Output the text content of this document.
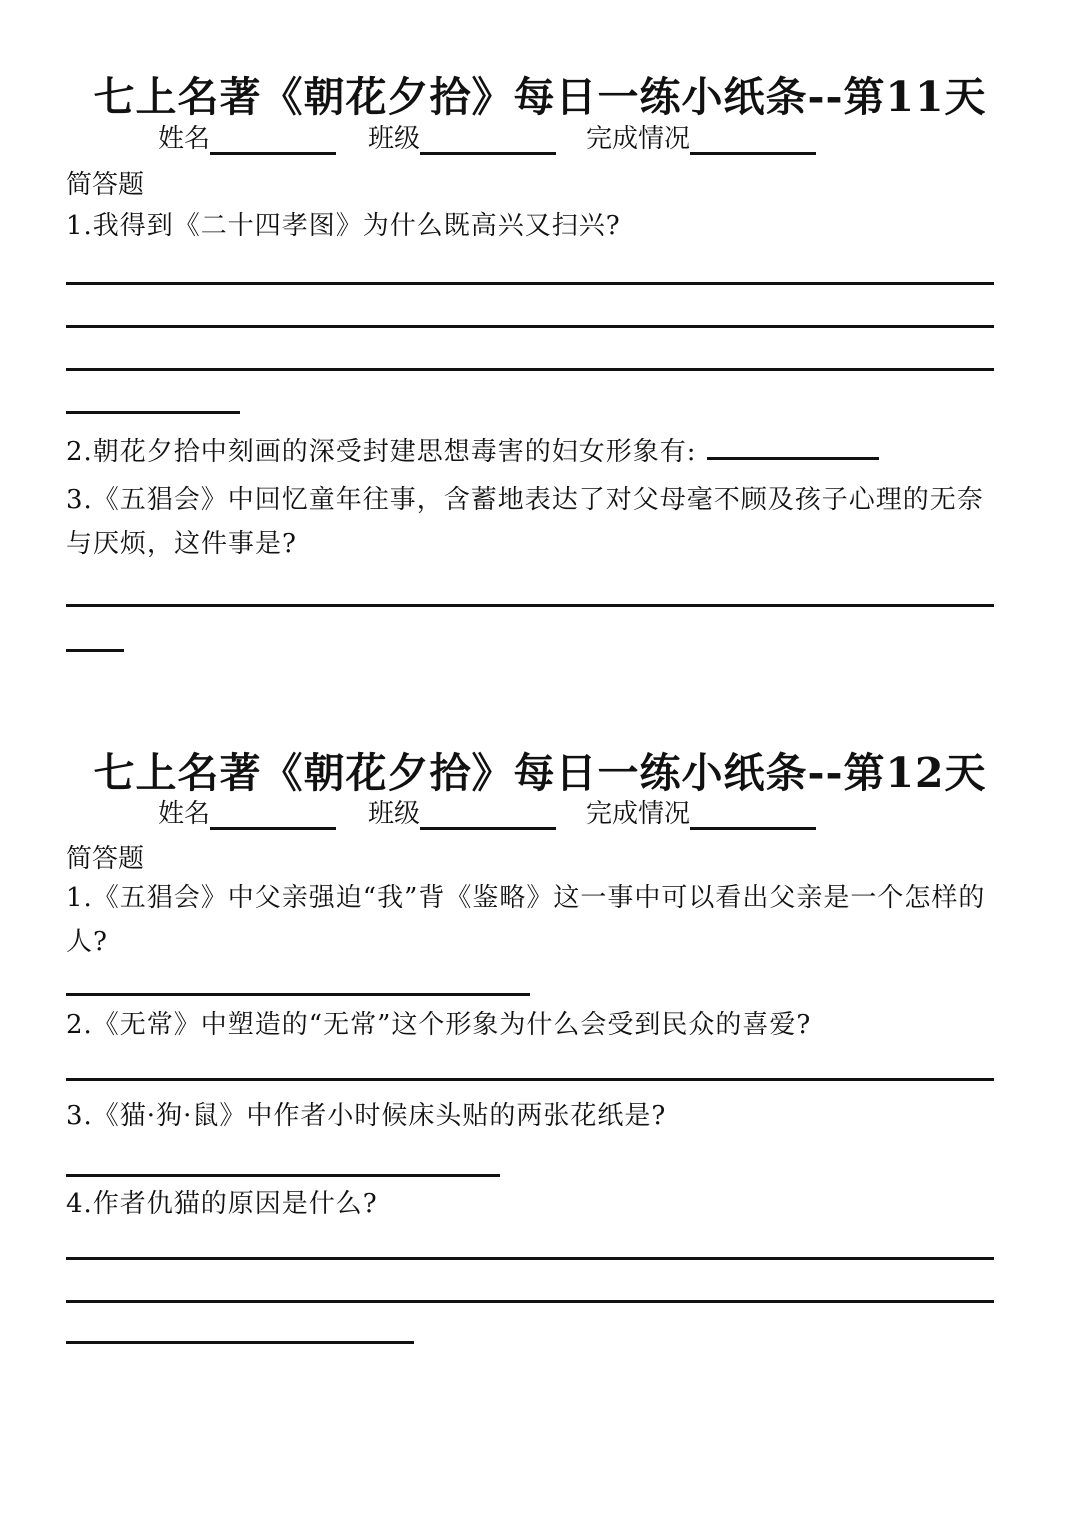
七上名著《朝花夕拾》每日一练小纸条--第11天
姓名	班级	完成情况
简答题
1.我得到《二十四孝图》为什么既高兴又扫兴?
2.朝花夕拾中刻画的深受封建思想毒害的妇女形象有:
3.《五猖会》中回忆童年往事，含蓄地表达了对父母毫不顾及孩子心理的无奈与厌烦，这件事是?
七上名著《朝花夕拾》每日一练小纸条--第12天
姓名	班级	完成情况
简答题
1.《五猖会》中父亲强迫“我”背《鉴略》这一事中可以看出父亲是一个怎样的人?
2.《无常》中塑造的“无常”这个形象为什么会受到民众的喜爱?
3.《猫·狗·鼠》中作者小时候床头贴的两张花纸是?
4.作者仇猫的原因是什么?
